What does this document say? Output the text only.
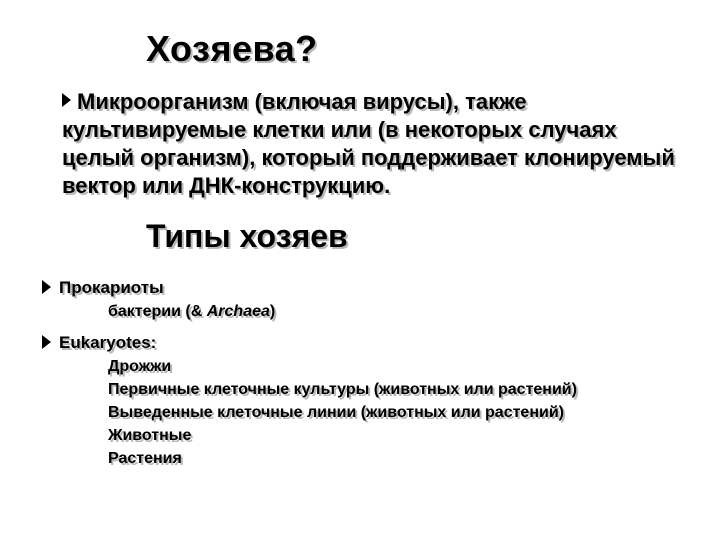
Хозяева?
Микроорганизм (включая вирусы), также культивируемые клетки или (в некоторых случаях целый организм), который поддерживает клонируемый вектор или ДНК-конструкцию.
Типы хозяев
Прокариоты
бактерии (& Archaea)
Eukaryotes:
Дрожжи
Первичные клеточные культуры (животных или растений)
Выведенные клеточные линии (животных или растений)
Животные
Растения
